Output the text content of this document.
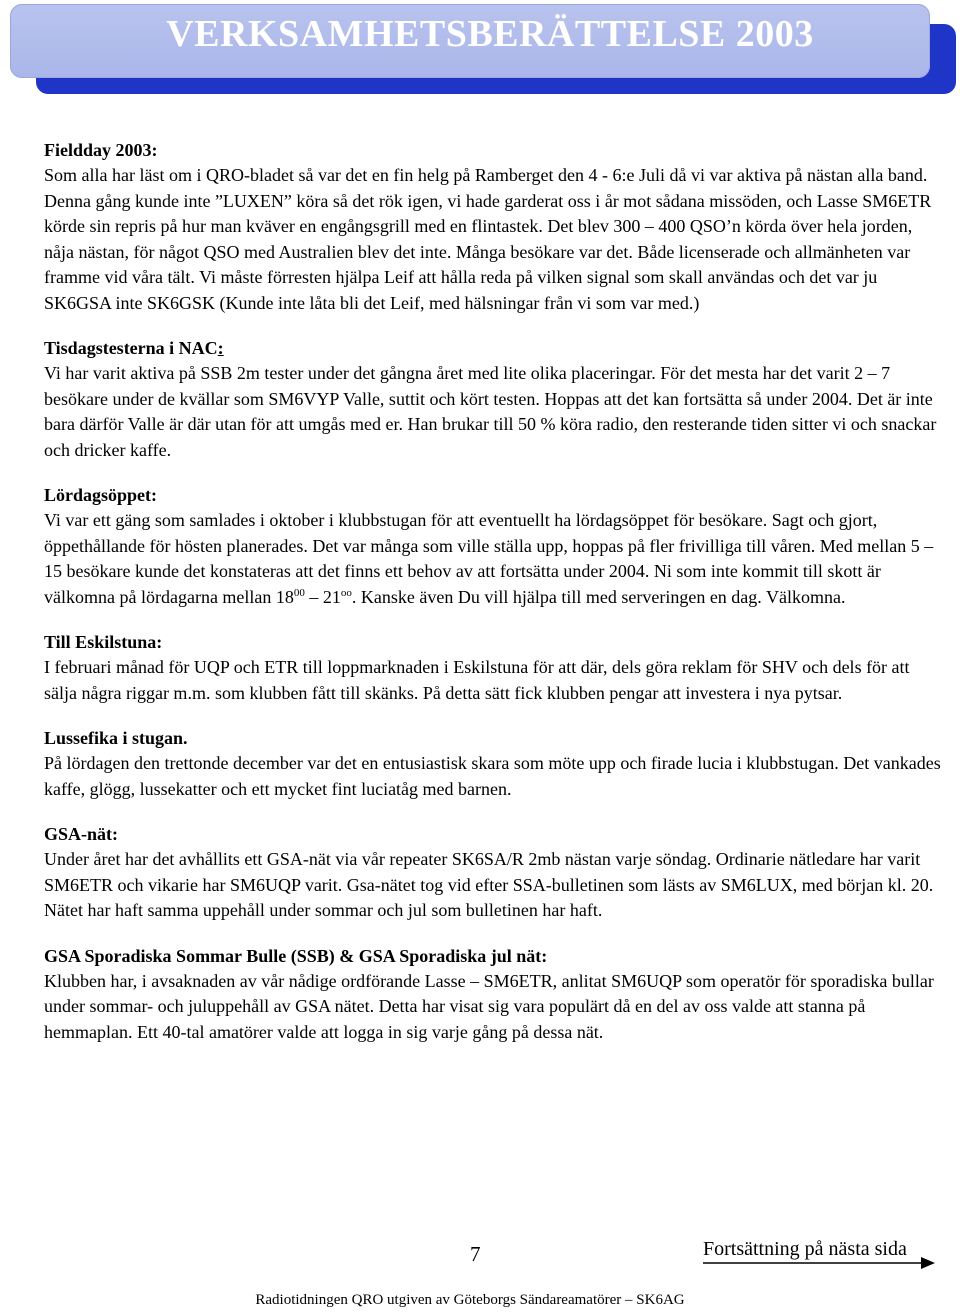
VERKSAMHETSBERÄTTELSE 2003

Fieldday 2003:

Som alla har läst om i QRO-bladet så var det en fin helg på Ramberget den 4 - 6:e Juli då vi var aktiva på nästan alla band. Denna gång kunde inte ”LUXEN” köra så det rök igen, vi hade garderat oss i år mot sådana missöden, och Lasse SM6ETR körde sin repris på hur man kväver en engångsgrill med en flintastek. Det blev 300 – 400 QSO’n körda över hela jorden, nåja nästan, för något QSO med Australien blev det inte. Många besökare var det. Både licenserade och allmänheten var framme vid våra tält. Vi måste förresten hjälpa Leif att hålla reda på vilken signal som skall användas och det var ju SK6GSA inte SK6GSK (Kunde inte låta bli det Leif, med hälsningar från vi som var med.)

Tisdagstesterna i NAC:

Vi har varit aktiva på SSB 2m tester under det gångna året med lite olika placeringar. För det mesta har det varit 2 – 7 besökare under de kvällar som SM6VYP Valle, suttit och kört testen. Hoppas att det kan fortsätta så under 2004. Det är inte bara därför Valle är där utan för att umgås med er. Han brukar till 50 % köra radio, den resterande tiden sitter vi och snackar och dricker kaffe.

Lördagsöppet:

Vi var ett gäng som samlades i oktober i klubbstugan för att eventuellt ha lördagsöppet för besökare. Sagt och gjort, öppethållande för hösten planerades. Det var många som ville ställa upp, hoppas på fler frivilliga till våren. Med mellan 5 – 15 besökare kunde det konstateras att det finns ett behov av att fortsätta under 2004. Ni som inte kommit till skott är välkomna på lördagarna mellan $18^{00} - 21^{oo}$. Kanske även Du vill hjälpa till med serveringen en dag. Välkomna.

Till Eskilstuna:

I februari månad för UQP och ETR till loppmarknaden i Eskilstuna för att där, dels göra reklam för SHV och dels för att sälja några riggar m.m. som klubben fått till skänks. På detta sätt fick klubben pengar att investera i nya pytsar.

Lussefika i stugan.

På lördagen den trettonde december var det en entusiastisk skara som möte upp och firade lucia i klubbstugan. Det vankades kaffe, glögg, lussekatter och ett mycket fint luciatåg med barnen.

GSA-nät:

Under året har det avhållits ett GSA-nät via vår repeater SK6SA/R 2mb nästan varje söndag. Ordinarie nätledare har varit SM6ETR och vikarie har SM6UQP varit. Gsa-nätet tog vid efter SSA-bulletinen som lästs av SM6LUX, med början kl. 20. Nätet har haft samma uppehåll under sommar och jul som bulletinen har haft.

GSA Sporadiska Sommar Bulle (SSB) & GSA Sporadiska jul nät:

Klubben har, i avsaknaden av vår nådige ordförande Lasse – SM6ETR, anlitat SM6UQP som operatör för sporadiska bullar under sommar- och juluppehåll av GSA nätet. Detta har visat sig vara populärt då en del av oss valde att stanna på hemmaplan. Ett 40-tal amatörer valde att logga in sig varje gång på dessa nät.

7	Fortsättning på nästa sida
Radiotidningen QRO utgiven av Göteborgs Sändareamatörer – SK6AG
